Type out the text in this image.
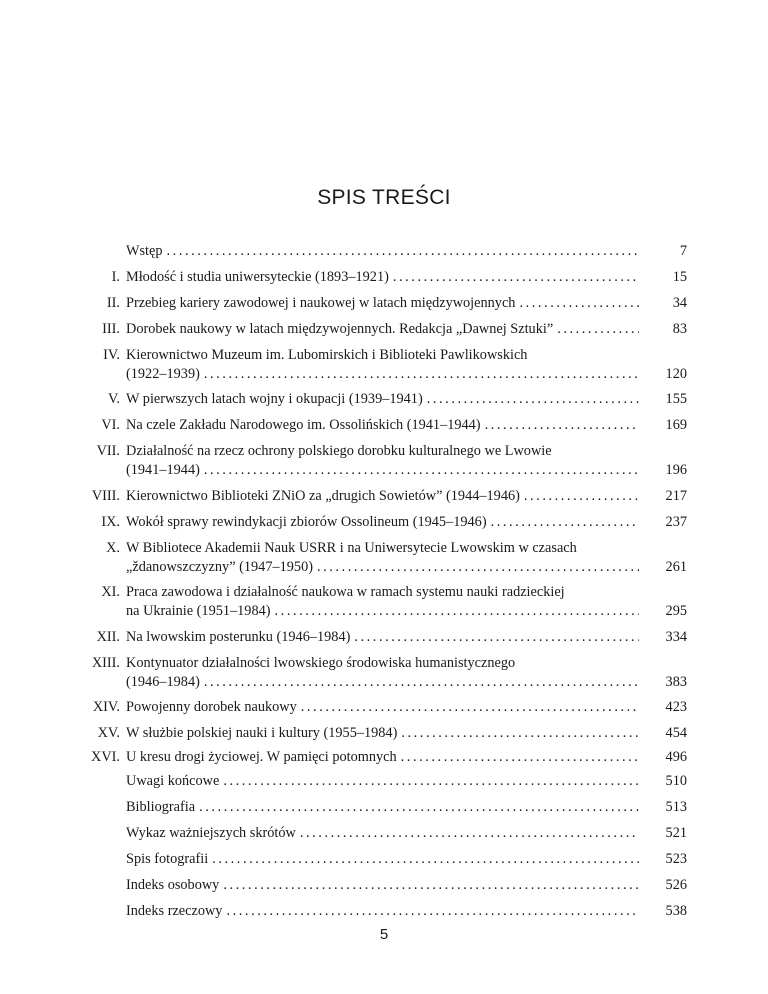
SPIS TREŚCI
Wstęp . . .	7
I. Młodość i studia uniwersyteckie (1893–1921) . . .	15
II. Przebieg kariery zawodowej i naukowej w latach międzywojennych . . .	34
III. Dorobek naukowy w latach międzywojennych. Redakcja „Dawnej Sztuki” . . .	83
IV. Kierownictwo Muzeum im. Lubomirskich i Biblioteki Pawlikowskich
(1922–1939) . . .	120
V. W pierwszych latach wojny i okupacji (1939–1941) . . .	155
VI. Na czele Zakładu Narodowego im. Ossolińskich (1941–1944) . . .	169
VII. Działalność na rzecz ochrony polskiego dorobku kulturalnego we Lwowie
(1941–1944) . . .	196
VIII. Kierownictwo Biblioteki ZNiO za „drugich Sowietów” (1944–1946) . . .	217
IX. Wokół sprawy rewindykacji zbiorów Ossolineum (1945–1946) . . .	237
X. W Bibliotece Akademii Nauk USRR i na Uniwersytecie Lwowskim w czasach
„ždanowszczyzny” (1947–1950) . . .	261
XI. Praca zawodowa i działalność naukowa w ramach systemu nauki radzieckiej
na Ukrainie (1951–1984) . . .	295
XII. Na lwowskim posterunku (1946–1984) . . .	334
XIII. Kontynuator działalności lwowskiego środowiska humanistycznego
(1946–1984) . . .	383
XIV. Powojenny dorobek naukowy . . .	423
XV. W służbie polskiej nauki i kultury (1955–1984) . . .	454
XVI. U kresu drogi życiowej. W pamięci potomnych . . .	496
Uwagi końcowe . . .	510
Bibliografia . . .	513
Wykaz ważniejszych skrótów . . .	521
Spis fotografii . . .	523
Indeks osobowy . . .	526
Indeks rzeczowy . . .	538
5
